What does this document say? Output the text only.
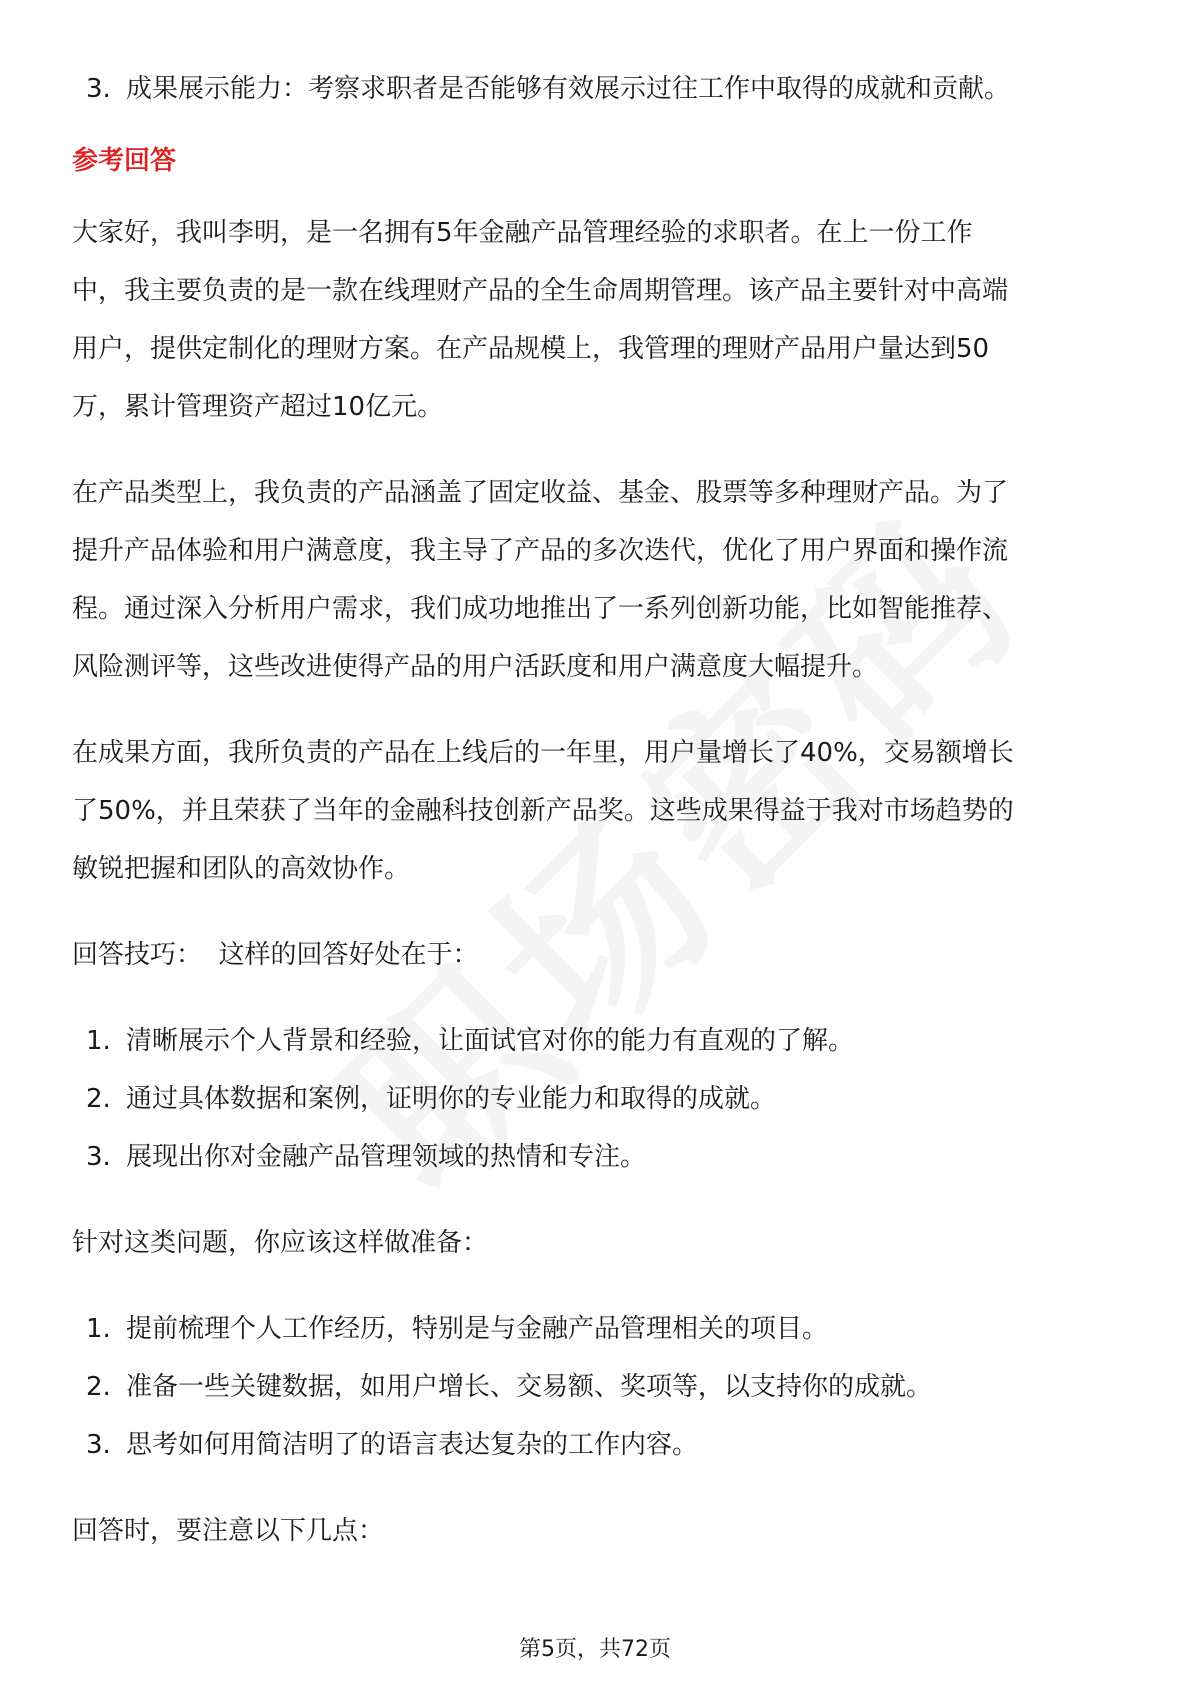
3. 成果展示能力：考察求职者是否能够有效展示过往工作中取得的成就和贡献。
参考回答

大家好，我叫李明，是一名拥有5年金融产品管理经验的求职者。在上一份工作

中，我主要负责的是一款在线理财产品的全生命周期管理。该产品主要针对中高端

用户，提供定制化的理财方案。在产品规模上，我管理的理财产品用户量达到50

万，累计管理资产超过10亿元。

在产品类型上，我负责的产品涵盖了固定收益、基金、股票等多种理财产品。为了

提升产品体验和用户满意度，我主导了产品的多次迭代，优化了用户界面和操作流

程。通过深入分析用户需求，我们成功地推出了一系列创新功能，比如智能推荐、

风险测评等，这些改进使得产品的用户活跃度和用户满意度大幅提升。

在成果方面，我所负责的产品在上线后的一年里，用户量增长了40%，交易额增长

了50%，并且荣获了当年的金融科技创新产品奖。这些成果得益于我对市场趋势的

敏锐把握和团队的高效协作。

回答技巧：  这样的回答好处在于：

1. 清晰展示个人背景和经验，让面试官对你的能力有直观的了解。
2. 通过具体数据和案例，证明你的专业能力和取得的成就。
3. 展现出你对金融产品管理领域的热情和专注。

针对这类问题，你应该这样做准备：

1. 提前梳理个人工作经历，特别是与金融产品管理相关的项目。
2. 准备一些关键数据，如用户增长、交易额、奖项等，以支持你的成就。
3. 思考如何用简洁明了的语言表达复杂的工作内容。

回答时，要注意以下几点：

第5页，共72页
